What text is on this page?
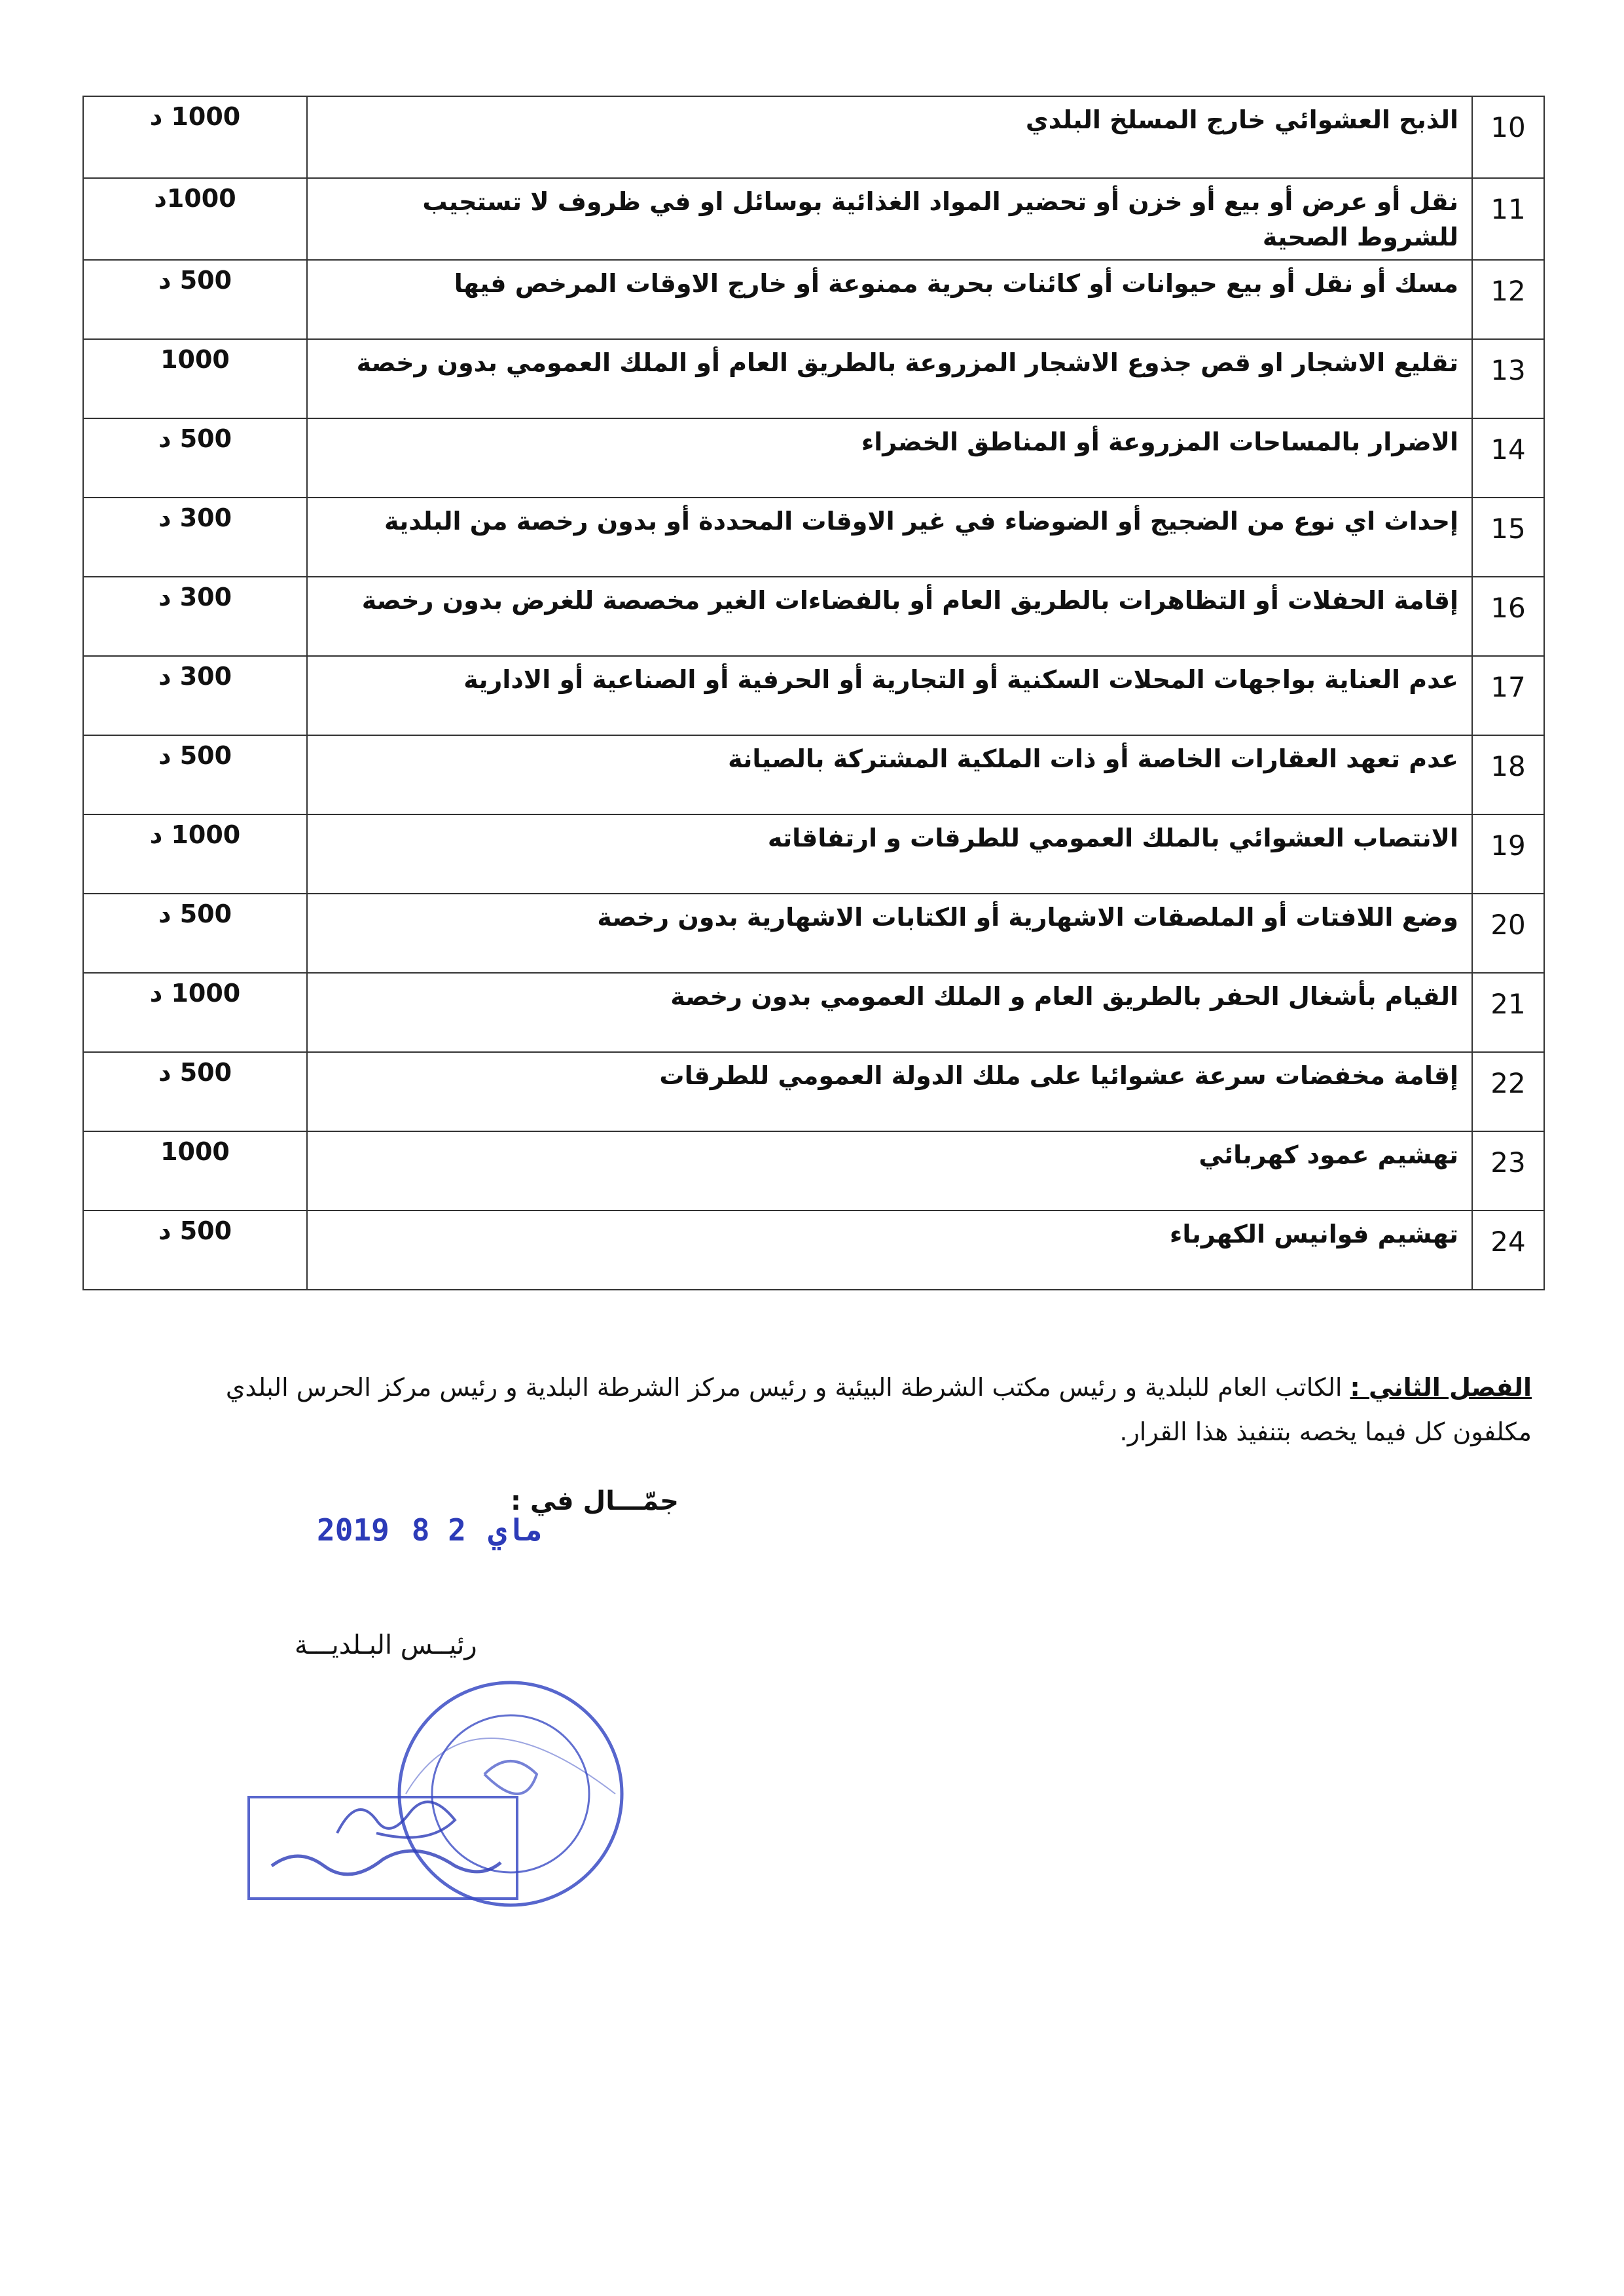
10	الذبح العشوائي خارج المسلخ البلدي	1000 د

11	نقل أو عرض أو بيع أو خزن أو تحضير المواد الغذائية بوسائل او في ظروف لا تستجيب للشروط الصحية	1000د

12	مسك أو نقل أو بيع حيوانات أو كائنات بحرية ممنوعة أو خارج الاوقات المرخص فيها	500 د

13	تقليع الاشجار او قص جذوع الاشجار المزروعة بالطريق العام أو الملك العمومي بدون رخصة	1000

14	الاضرار بالمساحات المزروعة أو المناطق الخضراء	500 د

15	إحداث اي نوع من الضجيج أو الضوضاء في غير الاوقات المحددة أو بدون رخصة من البلدية	300 د

16	إقامة الحفلات أو التظاهرات بالطريق العام أو بالفضاءات الغير مخصصة للغرض بدون رخصة	300 د

17	عدم العناية بواجهات المحلات السكنية أو التجارية أو الحرفية أو الصناعية أو الادارية	300 د

18	عدم تعهد العقارات الخاصة أو ذات الملكية المشتركة بالصيانة	500 د

19	الانتصاب العشوائي بالملك العمومي للطرقات و ارتفاقاته	1000 د

20	وضع اللافتات أو الملصقات الاشهارية أو الكتابات الاشهارية بدون رخصة	500 د

21	القيام بأشغال الحفر بالطريق العام و الملك العمومي بدون رخصة	1000 د

22	إقامة مخفضات سرعة عشوائيا على ملك الدولة العمومي للطرقات	500 د

23	تهشيم عمود كهربائي	1000

24	تهشيم فوانيس الكهرباء	500 د
الفصل الثاني : الكاتب العام للبلدية و رئيس مكتب الشرطة البيئية و رئيس مركز الشرطة البلدية و رئيس مركز الحرس البلدي مكلفون كل فيما يخصه بتنفيذ هذا القرار.
جمّـــال في :
2019	ماي2 8
رئيــس البـلديـــة
